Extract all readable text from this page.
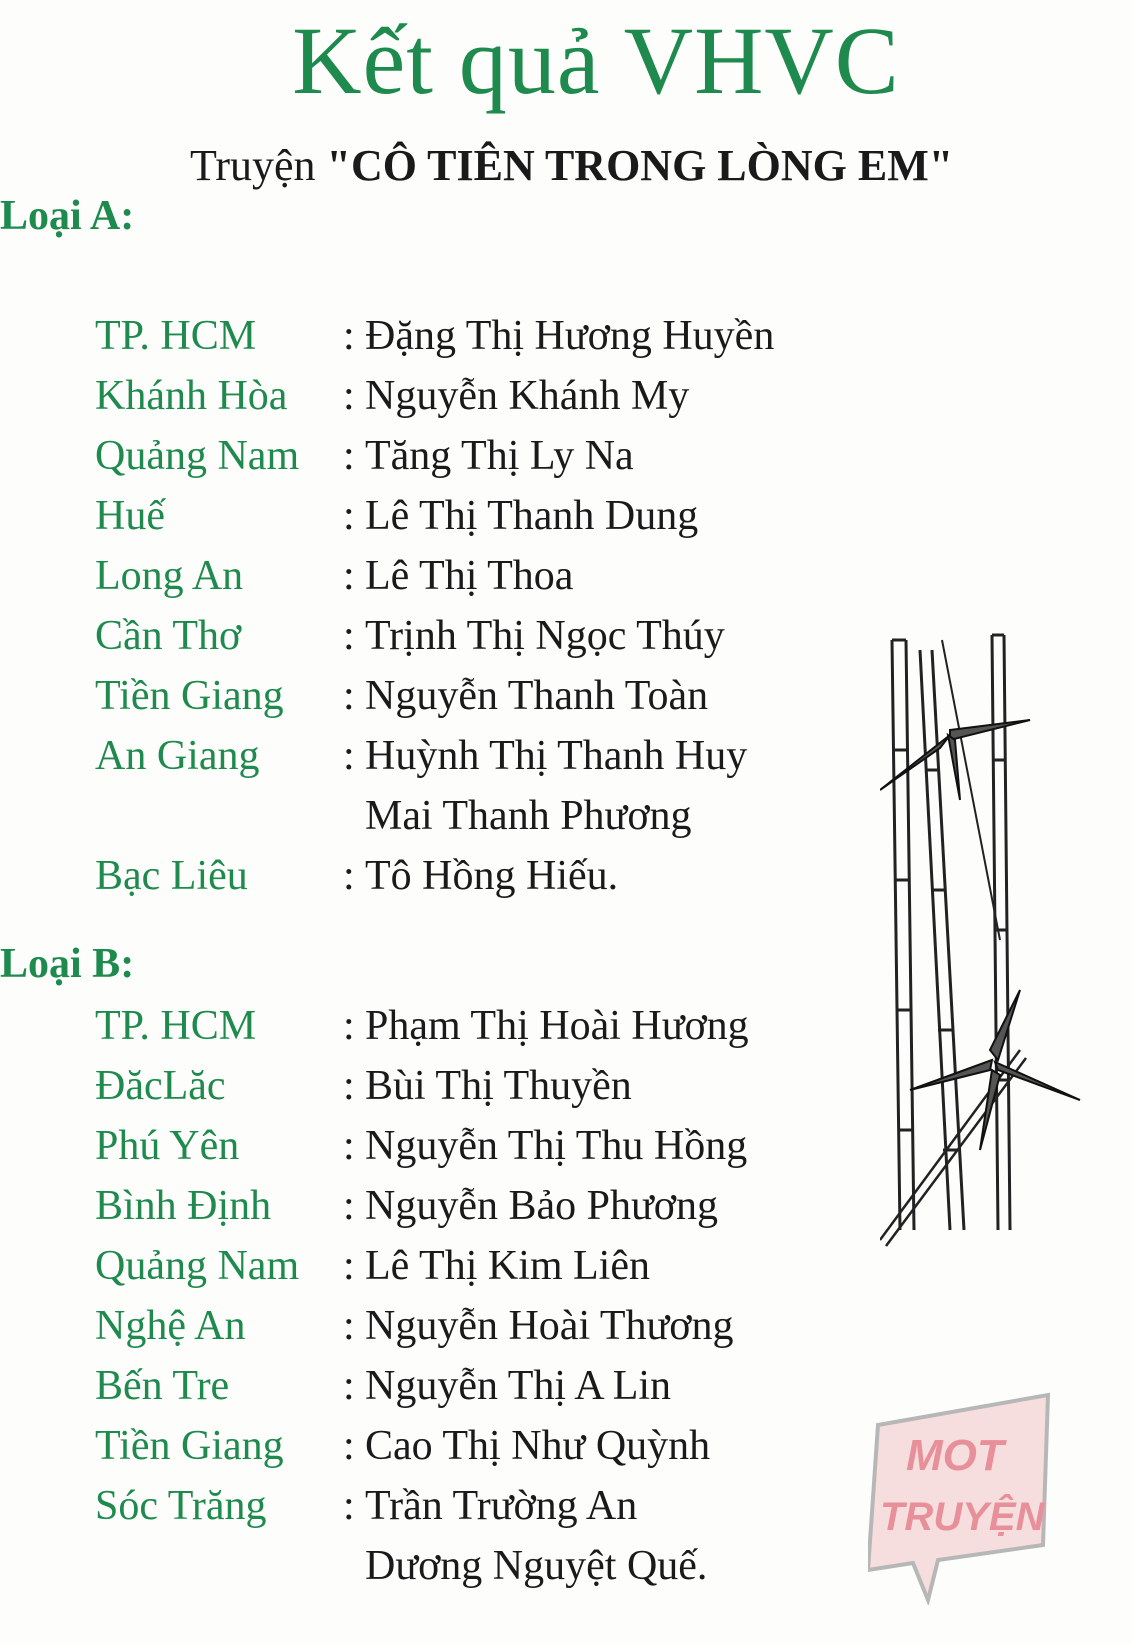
Kết quả VHVC
Truyện "CÔ TIÊN TRONG LÒNG EM"
Loại A:
TP. HCM	: Đặng Thị Hương Huyền
Khánh Hòa	: Nguyễn Khánh My
Quảng Nam	: Tăng Thị Ly Na
Huế	: Lê Thị Thanh Dung
Long An	: Lê Thị Thoa
Cần Thơ	: Trịnh Thị Ngọc Thúy
Tiền Giang	: Nguyễn Thanh Toàn
An Giang	: Huỳnh Thị Thanh Huy
Mai Thanh Phương
Bạc Liêu	: Tô Hồng Hiếu.
Loại B:
TP. HCM	: Phạm Thị Hoài Hương
ĐăcLăc	: Bùi Thị Thuyền
Phú Yên	: Nguyễn Thị Thu Hồng
Bình Định	: Nguyễn Bảo Phương
Quảng Nam	: Lê Thị Kim Liên
Nghệ An	: Nguyễn Hoài Thương
Bến Tre	: Nguyễn Thị A Lin
Tiền Giang	: Cao Thị Như Quỳnh
Sóc Trăng	: Trần Trường An
Dương Nguyệt Quế.
MOT
TRUYỆN
